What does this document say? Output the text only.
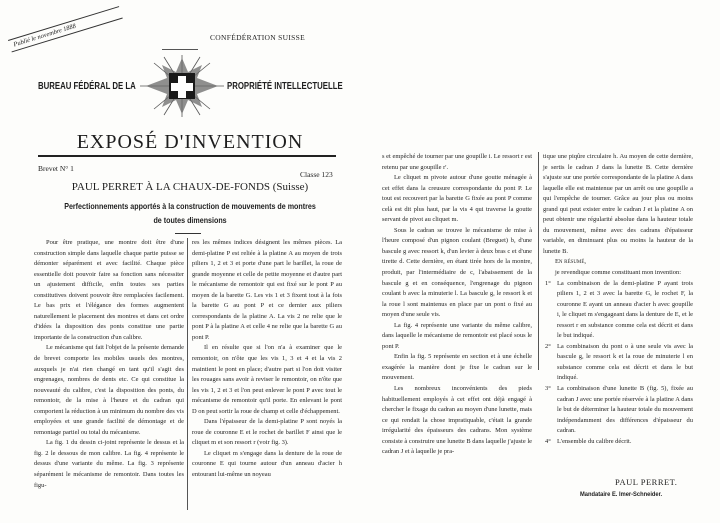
Publié le novembre 1888	CONFÉDÉRATION SUISSE
BUREAU FÉDÉRAL DE LA	PROPRIÉTÉ INTELLECTUELLE
EXPOSÉ D'INVENTION
Brevet N° 1
Classe 123
PAUL PERRET À LA CHAUX-DE-FONDS (Suisse)
Perfectionnements apportés à la construction de mouvements de montres
de toutes dimensions

Pour être pratique, une montre doit être d'une construction simple dans laquelle chaque partie puisse se démonter séparément et avec facilité. Chaque pièce essentielle doit pouvoir faire sa fonction sans nécessiter un ajustement difficile, enfin toutes ses parties constitutives doivent pouvoir être remplacées facilement. Le bas prix et l'élégance des formes augmentent naturellement le placement des montres et dans cet ordre d'idées la disposition des ponts constitue une partie importante de la construction d'un calibre.

Le mécanisme qui fait l'objet de la présente demande de brevet comporte les mobiles usuels des montres, auxquels je n'ai rien changé en tant qu'il s'agit des engrenages, nombres de dents etc. Ce qui constitue la nouveauté du calibre, c'est la disposition des ponts, du remontoir, de la mise à l'heure et du cadran qui comportent la réduction à un minimum du nombre des vis employées et une grande facilité de démontage et de remontage partiel ou total du mécanisme.

La fig. 1 du dessin ci-joint représente le dessus et la fig. 2 le dessous de mon calibre. La fig. 4 représente le dessus d'une variante du même. La fig. 3 représente séparément le mécanisme de remontoir. Dans toutes les figu-

res les mêmes indices désignent les mêmes pièces. La demi-platine P est reliée à la platine A au moyen de trois piliers 1, 2 et 3 et porte d'une part le barillet, la roue de grande moyenne et celle de petite moyenne et d'autre part le mécanisme de remontoir qui est fixé sur le pont P au moyen de la barette G. Les vis 1 et 3 fixent tout à la fois la barette G au pont P et ce dernier aux piliers correspondants de la platine A. La vis 2 ne relie que le pont P à la platine A et celle 4 ne relie que la barette G au pont P.

Il en résulte que si l'on n'a à examiner que le remontoir, on n'ôte que les vis 1, 3 et 4 et la vis 2 maintient le pont en place; d'autre part si l'on doit visiter les rouages sans avoir à reviser le remontoir, on n'ôte que les vis 1, 2 et 3 et l'on peut enlever le pont P avec tout le mécanisme de remontoir qu'il porte. En enlevant le pont D on peut sortir la roue de champ et celle d'échappement.

Dans l'épaisseur de la demi-platine P sont noyés la roue de couronne E et le rochet de barillet F ainsi que le cliquet m et son ressort r (voir fig. 3).

Le cliquet m s'engage dans la denture de la roue de couronne E qui tourne autour d'un anneau d'acier h entourant lui-même un noyeau

s et empêché de tourner par une goupille i. Le ressort r est retenu par une goupille r'.

Le cliquet m pivote autour d'une goutte ménagée à cet effet dans la creusure correspondante du pont P. Le tout est recouvert par la barette G fixée au pont P comme celà est dit plus haut, par la vis 4 qui traverse la goutte servant de pivot au cliquet m.

Sous le cadran se trouve le mécanisme de mise à l'heure composé d'un pignon coulant (Breguet) b, d'une bascule g avec ressort k, d'un levier à deux bras c et d'une tirette d. Cette dernière, en étant tirée hors de la montre, produit, par l'intermédiaire de c, l'abaissement de la bascule g et en conséquence, l'engrenage du pignon coulant b avec la minuterie l. La bascule g, le ressort k et la roue l sont maintenus en place par un pont o fixé au moyen d'une seule vis.

La fig. 4 représente une variante du même calibre, dans laquelle le mécanisme de remontoir est placé sous le pont P.

Enfin la fig. 5 représente en section et à une échelle exagérée la manière dont je fixe le cadran sur le mouvement.

Les nombreux inconvénients des pieds habituellement employés à cet effet ont déjà engagé à chercher le fixage du cadran au moyen d'une lunette, mais ce qui rendait la chose impratiquable, c'était la grande irrégularité des épaisseurs des cadrans. Mon système consiste à construire une lunette B dans laquelle j'ajuste le cadran J et à laquelle je pra-

tique une piqûre circulaire h. Au moyen de cette dernière, je sertis le cadran J dans la lunette B. Cette dernière s'ajuste sur une portée correspondante de la platine A dans laquelle elle est maintenue par un arrêt ou une goupille a qui l'empêche de tourner. Grâce au jour plus ou moins grand qui peut exister entre le cadran J et la platine A on peut obtenir une régularité absolue dans la hauteur totale du mouvement, même avec des cadrans d'épaisseur variable, en diminuant plus ou moins la hauteur de la lunette B.

En résumé,

je revendique comme constituant mon invention:

1° La combinaison de la demi-platine P ayant trois piliers 1, 2 et 3 avec la barette G, le rochet F, la couronne E ayant un anneau d'acier h avec goupille i, le cliquet m s'engageant dans la denture de E, et le ressort r en substance comme cela est décrit et dans le but indiqué.
2° La combinaison du pont o à une seule vis avec la bascule g, le ressort k et la roue de minuterie l en substance comme cela est décrit et dans le but indiqué.
3° La combinaison d'une lunette B (fig. 5), fixée au cadran J avec une portée réservée à la platine A dans le but de déterminer la hauteur totale du mouvement indépendamment des différences d'épaisseur du cadran.
4° L'ensemble du calibre décrit.
PAUL PERRET.
Mandataire E. Imer-Schneider.
